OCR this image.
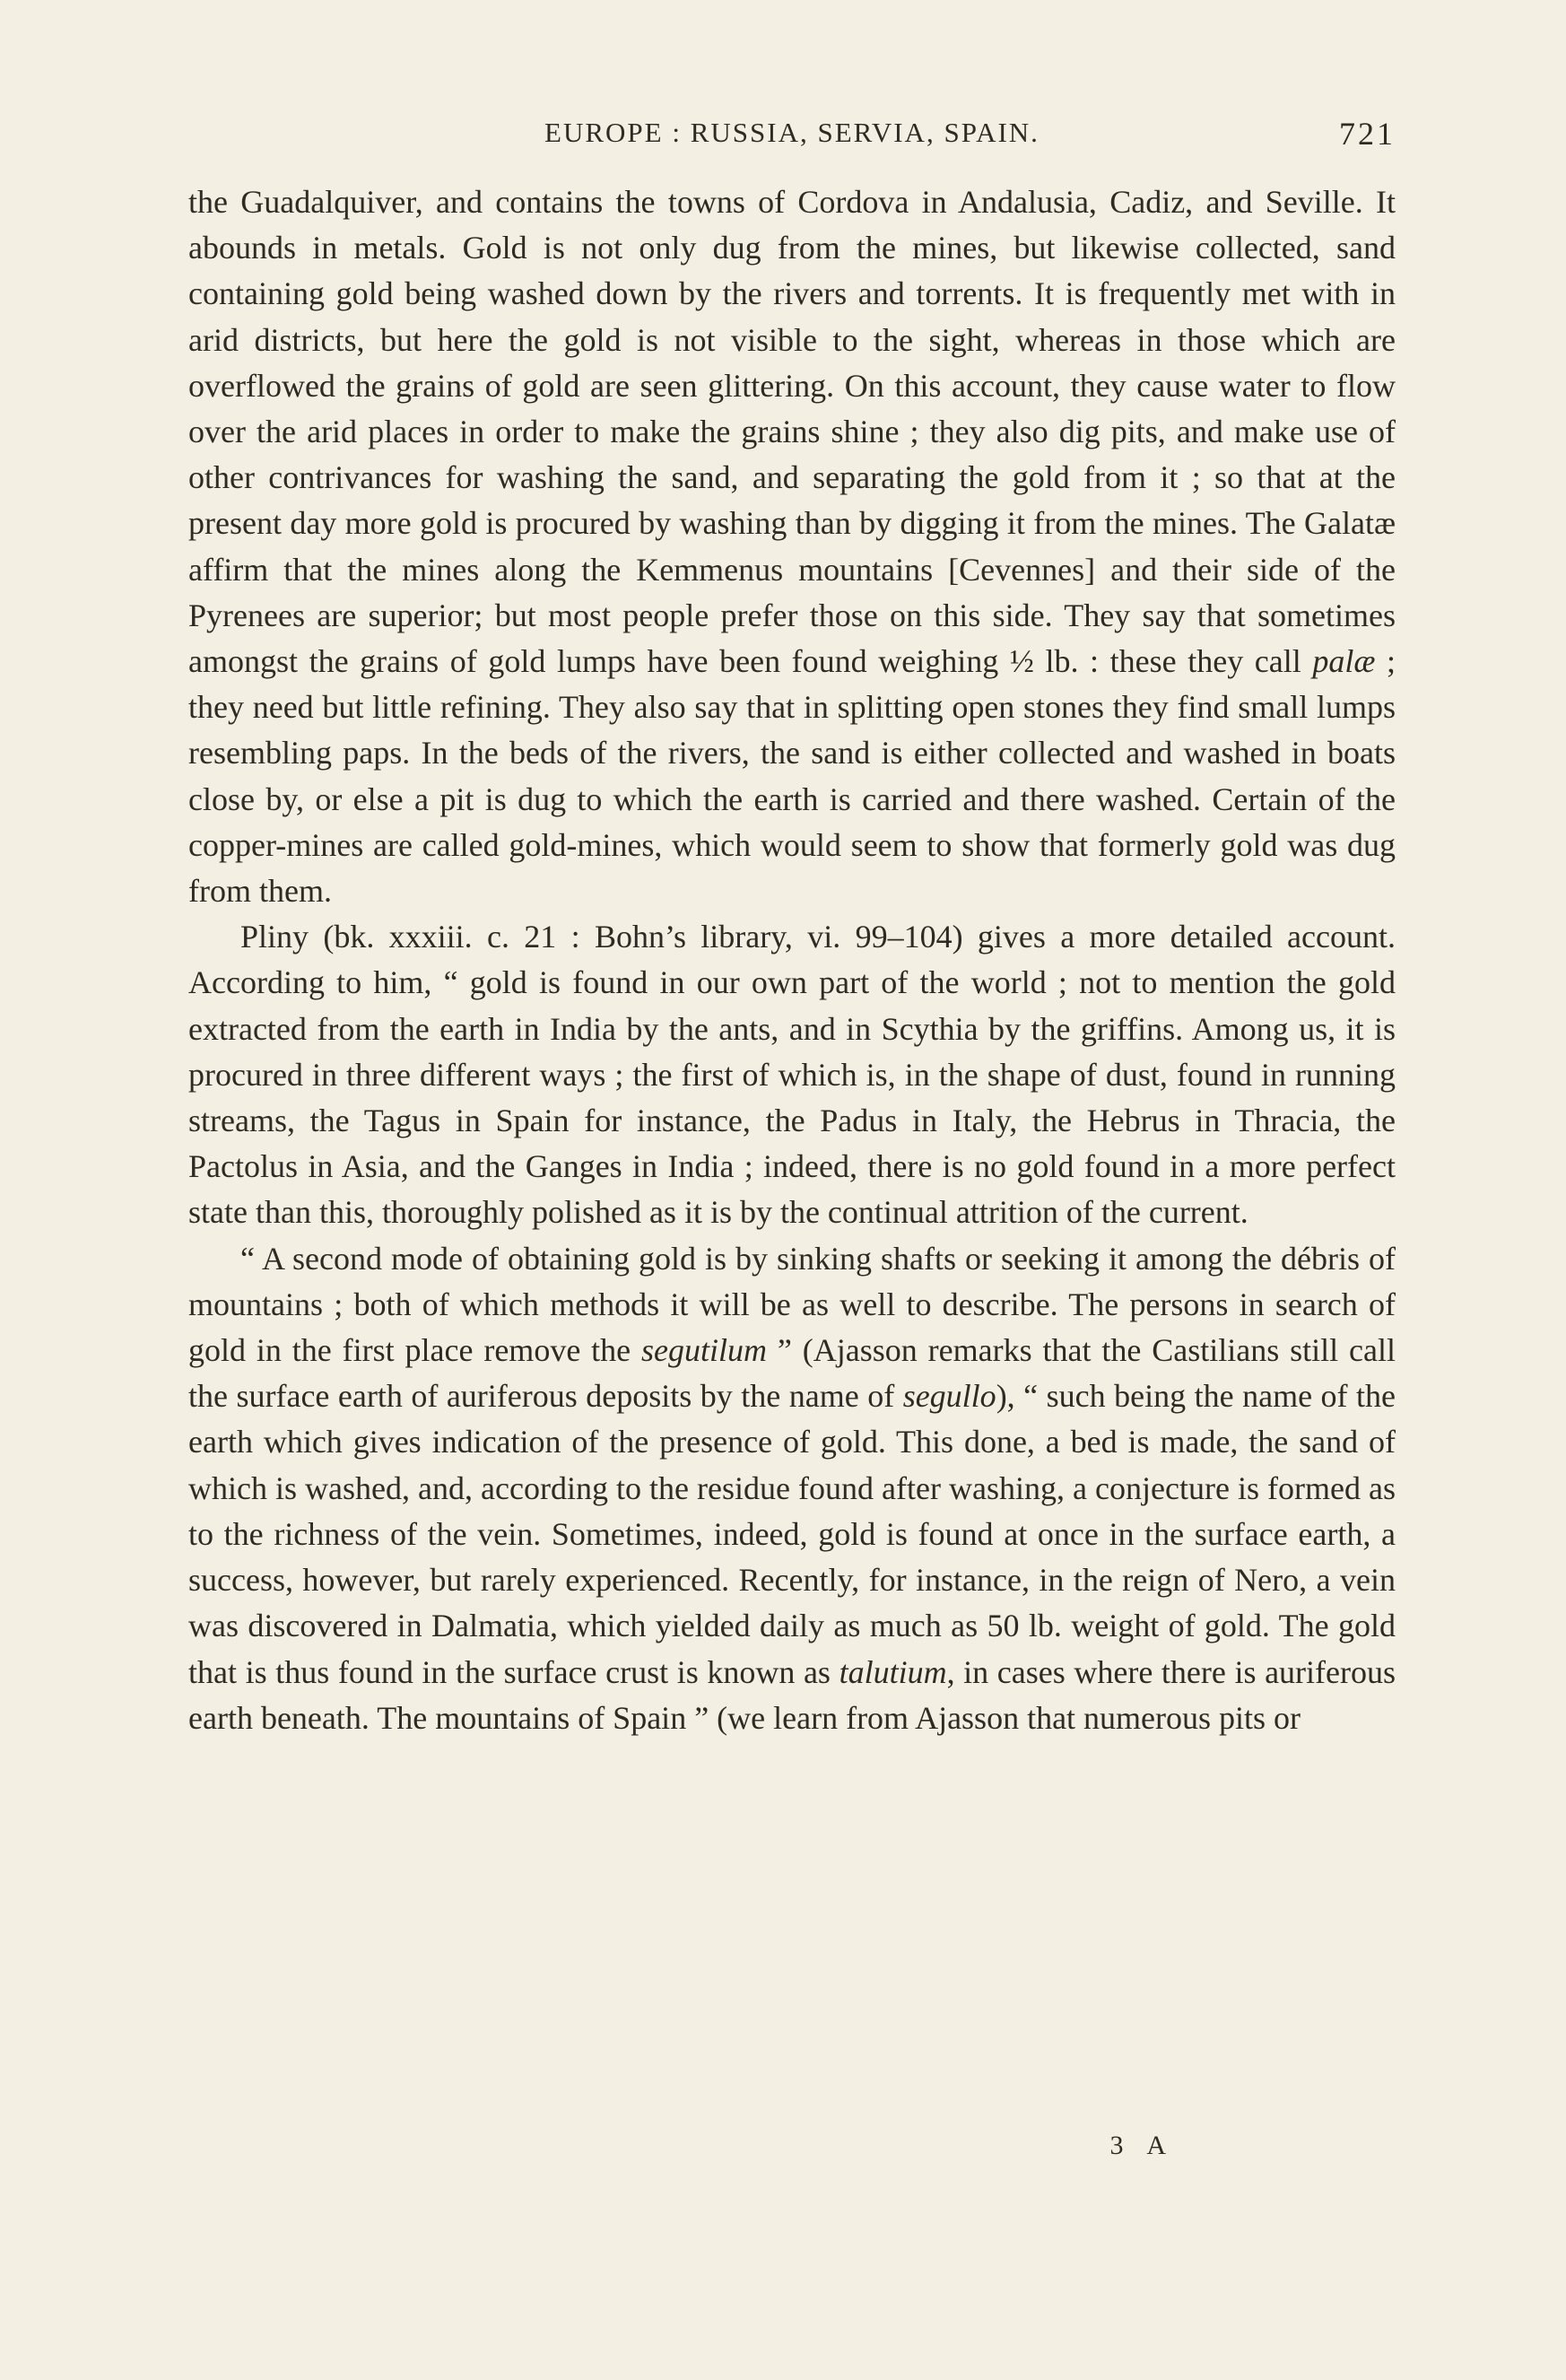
EUROPE : RUSSIA, SERVIA, SPAIN.	721

the Guadalquiver, and contains the towns of Cordova in Andalusia, Cadiz, and Seville. It abounds in metals. Gold is not only dug from the mines, but likewise collected, sand containing gold being washed down by the rivers and torrents. It is frequently met with in arid districts, but here the gold is not visible to the sight, whereas in those which are overflowed the grains of gold are seen glittering. On this account, they cause water to flow over the arid places in order to make the grains shine ; they also dig pits, and make use of other contrivances for washing the sand, and separating the gold from it ; so that at the present day more gold is procured by washing than by digging it from the mines. The Galatæ affirm that the mines along the Kemmenus mountains [Cevennes] and their side of the Pyrenees are superior; but most people prefer those on this side. They say that sometimes amongst the grains of gold lumps have been found weighing ½ lb. : these they call palæ ; they need but little refining. They also say that in splitting open stones they find small lumps resembling paps. In the beds of the rivers, the sand is either collected and washed in boats close by, or else a pit is dug to which the earth is carried and there washed. Certain of the copper-mines are called gold-mines, which would seem to show that formerly gold was dug from them.

Pliny (bk. xxxiii. c. 21 : Bohn’s library, vi. 99–104) gives a more detailed account. According to him, “ gold is found in our own part of the world ; not to mention the gold extracted from the earth in India by the ants, and in Scythia by the griffins. Among us, it is procured in three different ways ; the first of which is, in the shape of dust, found in running streams, the Tagus in Spain for instance, the Padus in Italy, the Hebrus in Thracia, the Pactolus in Asia, and the Ganges in India ; indeed, there is no gold found in a more perfect state than this, thoroughly polished as it is by the continual attrition of the current.

“ A second mode of obtaining gold is by sinking shafts or seeking it among the débris of mountains ; both of which methods it will be as well to describe. The persons in search of gold in the first place remove the segutilum ” (Ajasson remarks that the Castilians still call the surface earth of auriferous deposits by the name of segullo), “ such being the name of the earth which gives indication of the presence of gold. This done, a bed is made, the sand of which is washed, and, according to the residue found after washing, a conjecture is formed as to the richness of the vein. Sometimes, indeed, gold is found at once in the surface earth, a success, however, but rarely experienced. Recently, for instance, in the reign of Nero, a vein was discovered in Dalmatia, which yielded daily as much as 50 lb. weight of gold. The gold that is thus found in the surface crust is known as talutium, in cases where there is auriferous earth beneath. The mountains of Spain ” (we learn from Ajasson that numerous pits or

3 A
